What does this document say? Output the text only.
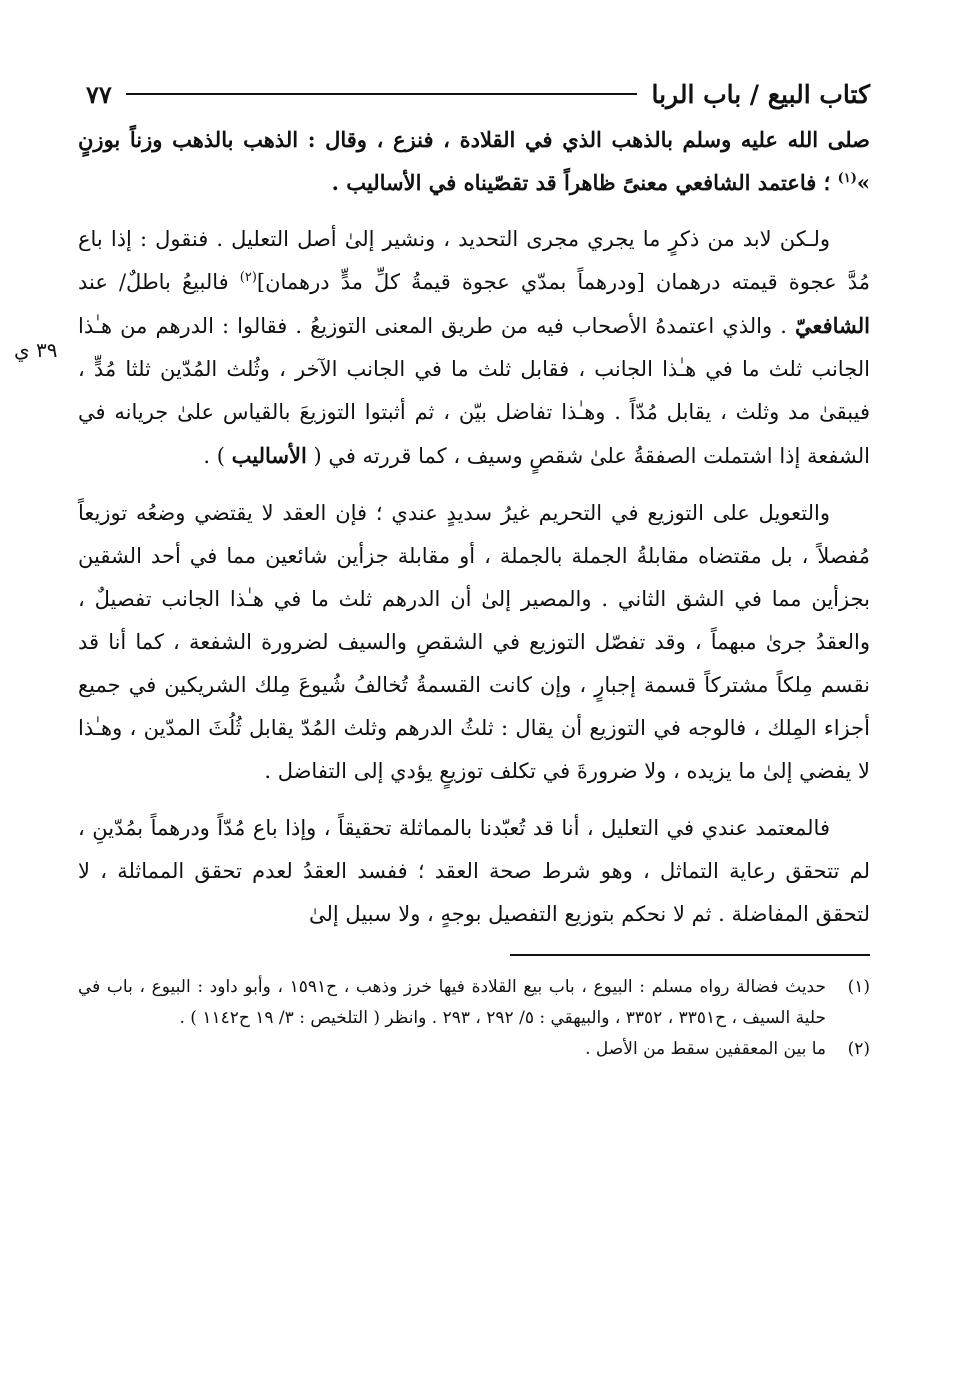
٣٩ ي
كتاب البيع / باب الربا
٧٧

صلى الله عليه وسلم بالذهب الذي في القلادة ، فنزع ، وقال : الذهب بالذهب وزناً بوزنٍ »$^{(١)}$ ؛ فاعتمد الشافعي معنىً ظاهراً قد تقصّيناه في الأساليب .

ولـكن لابد من ذكرٍ ما يجري مجرى التحديد ، ونشير إلىٰ أصل التعليل . فنقول : إذا باع مُدَّ عجوة قيمته درهمان [ودرهماً بمدّي عجوة قيمةُ كلِّ مدٍّ درهمان]$^{(٢)}$ فالبيعُ باطلٌ/ عند الشافعيّ . والذي اعتمدهُ الأصحاب فيه من طريق المعنى التوزيعُ . فقالوا : الدرهم من هـٰذا الجانب ثلث ما في هـٰذا الجانب ، فقابل ثلث ما في الجانب الآخر ، وثُلث المُدّين ثلثا مُدٍّ ، فيبقىٰ مد وثلث ، يقابل مُدّاً . وهـٰذا تفاضل بيّن ، ثم أثبتوا التوزيعَ بالقياس علىٰ جريانه في الشفعة إذا اشتملت الصفقةُ علىٰ شقصٍ وسيف ، كما قررته في ( الأساليب ) .

والتعويل على التوزيع في التحريم غيرُ سديدٍ عندي ؛ فإن العقد لا يقتضي وضعُه توزيعاً مُفصلاً ، بل مقتضاه مقابلةُ الجملة بالجملة ، أو مقابلة جزأين شائعين مما في أحد الشقين بجزأين مما في الشق الثاني . والمصير إلىٰ أن الدرهم ثلث ما في هـٰذا الجانب تفصيلٌ ، والعقدُ جرىٰ مبهماً ، وقد تفصّل التوزيع في الشقصِ والسيف لضرورة الشفعة ، كما أنا قد نقسم مِلكاً مشتركاً قسمة إجبارٍ ، وإن كانت القسمةُ تُخالفُ شُيوعَ مِلك الشريكين في جميع أجزاء المِلك ، فالوجه في التوزيع أن يقال : ثلثُ الدرهم وثلث المُدّ يقابل ثُلُثَ المدّين ، وهـٰذا لا يفضي إلىٰ ما يزيده ، ولا ضرورةَ في تكلف توزيعٍ يؤدي إلى التفاضل .

فالمعتمد عندي في التعليل ، أنا قد تُعبّدنا بالمماثلة تحقيقاً ، وإذا باع مُدّاً ودرهماً بمُدّينِ ، لم تتحقق رعاية التماثل ، وهو شرط صحة العقد ؛ ففسد العقدُ لعدم تحقق المماثلة ، لا لتحقق المفاضلة . ثم لا نحكم بتوزيع التفصيل بوجهٍ ، ولا سبيل إلىٰ

(١)
حديث فضالة رواه مسلم : البيوع ، باب بيع القلادة فيها خرز وذهب ، ح١٥٩١ ، وأبو داود : البيوع ، باب في حلية السيف ، ح٣٣٥١ ، ٣٣٥٢ ، والبيهقي : ٥/ ٢٩٢ ، ٢٩٣ . وانظر ( التلخيص : ٣/ ١٩ ح١١٤٢ ) .
(٢)
ما بين المعقفين سقط من الأصل .
